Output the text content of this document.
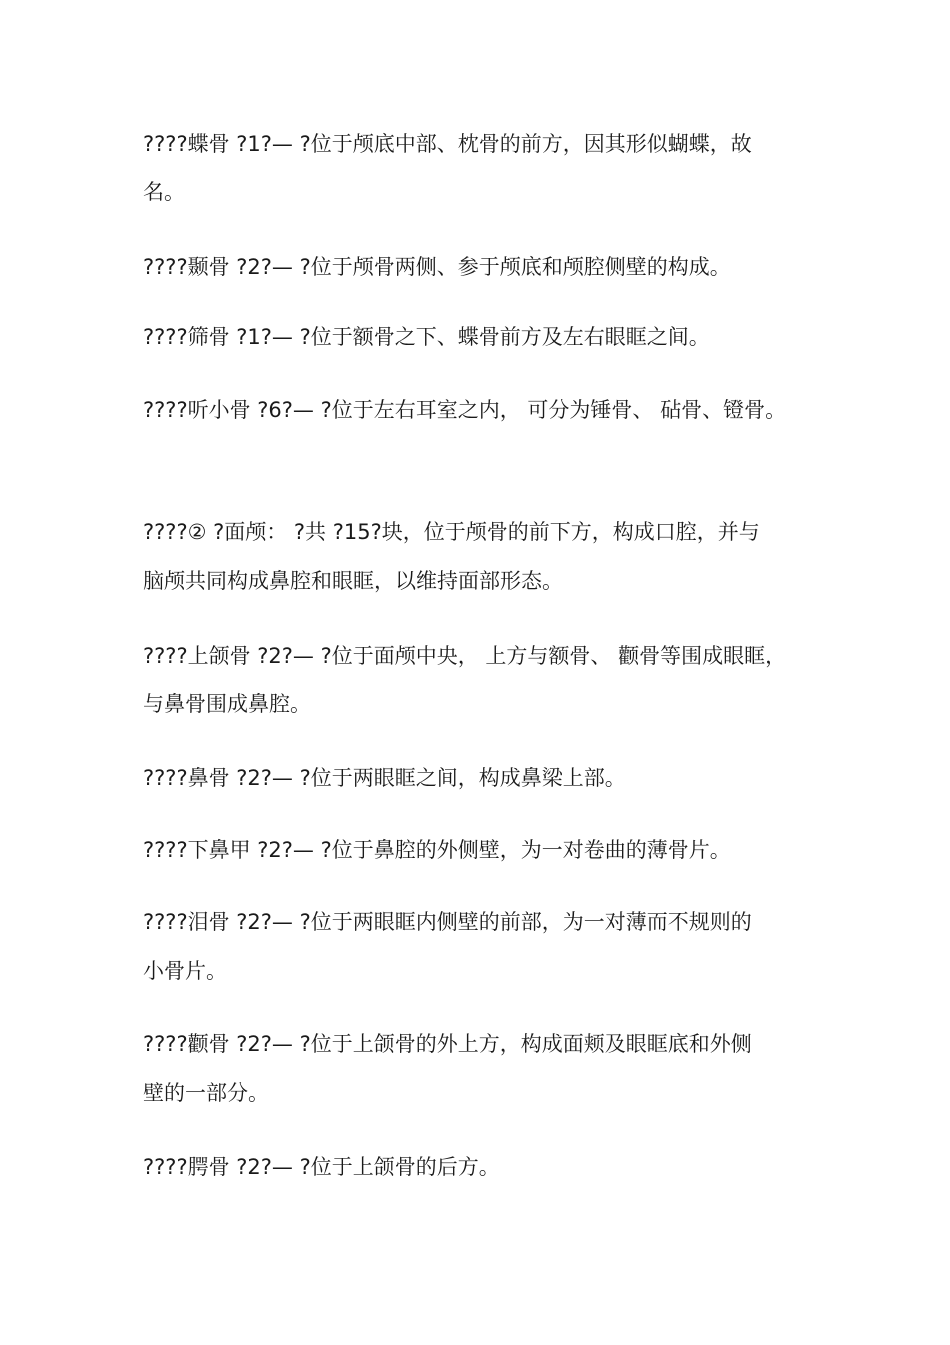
????蝶骨 ?1?— ?位于颅底中部、枕骨的前方，因其形似蝴蝶，故
名。
????颞骨 ?2?— ?位于颅骨两侧、参于颅底和颅腔侧壁的构成。
????筛骨 ?1?— ?位于额骨之下、蝶骨前方及左右眼眶之间。
????听小骨 ?6?— ?位于左右耳室之内， 可分为锤骨、 砧骨、镫骨。
????② ?面颅： ?共 ?15?块，位于颅骨的前下方，构成口腔，并与
脑颅共同构成鼻腔和眼眶，以维持面部形态。
????上颌骨 ?2?— ?位于面颅中央， 上方与额骨、 颧骨等围成眼眶，
与鼻骨围成鼻腔。
????鼻骨 ?2?— ?位于两眼眶之间，构成鼻梁上部。
????下鼻甲 ?2?— ?位于鼻腔的外侧壁，为一对卷曲的薄骨片。
????泪骨 ?2?— ?位于两眼眶内侧壁的前部，为一对薄而不规则的
小骨片。
????颧骨 ?2?— ?位于上颌骨的外上方，构成面颊及眼眶底和外侧
壁的一部分。
????腭骨 ?2?— ?位于上颌骨的后方。
